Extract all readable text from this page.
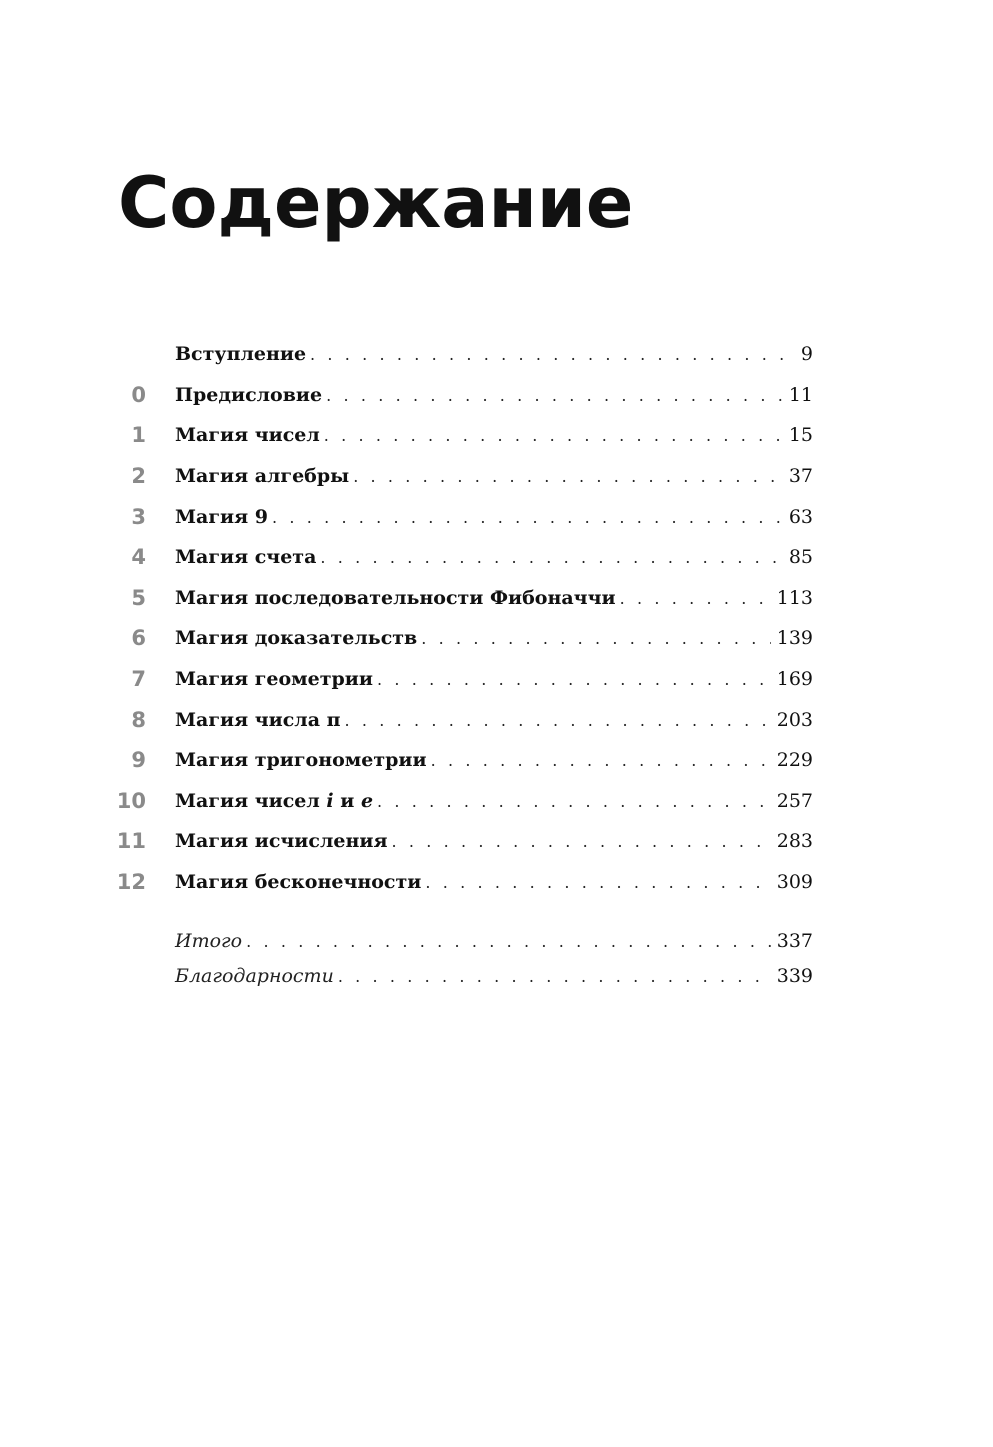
Содержание
Вступление . . .	9
0 Предисловие . . .	11
1 Магия чисел . . .	15
2 Магия алгебры . . .	37
3 Магия 9 . . .	63
4 Магия счета . . .	85
5 Магия последовательности Фибоначчи . . .	113
6 Магия доказательств . . .	139
7 Магия геометрии . . .	169
8 Магия числа π . . .	203
9 Магия тригонометрии . . .	229
10 Магия чисел i и e . . .	257
11 Магия исчисления . . .	283
12 Магия бесконечности . . .	309
Итого . . .	337
Благодарности . . .	339
